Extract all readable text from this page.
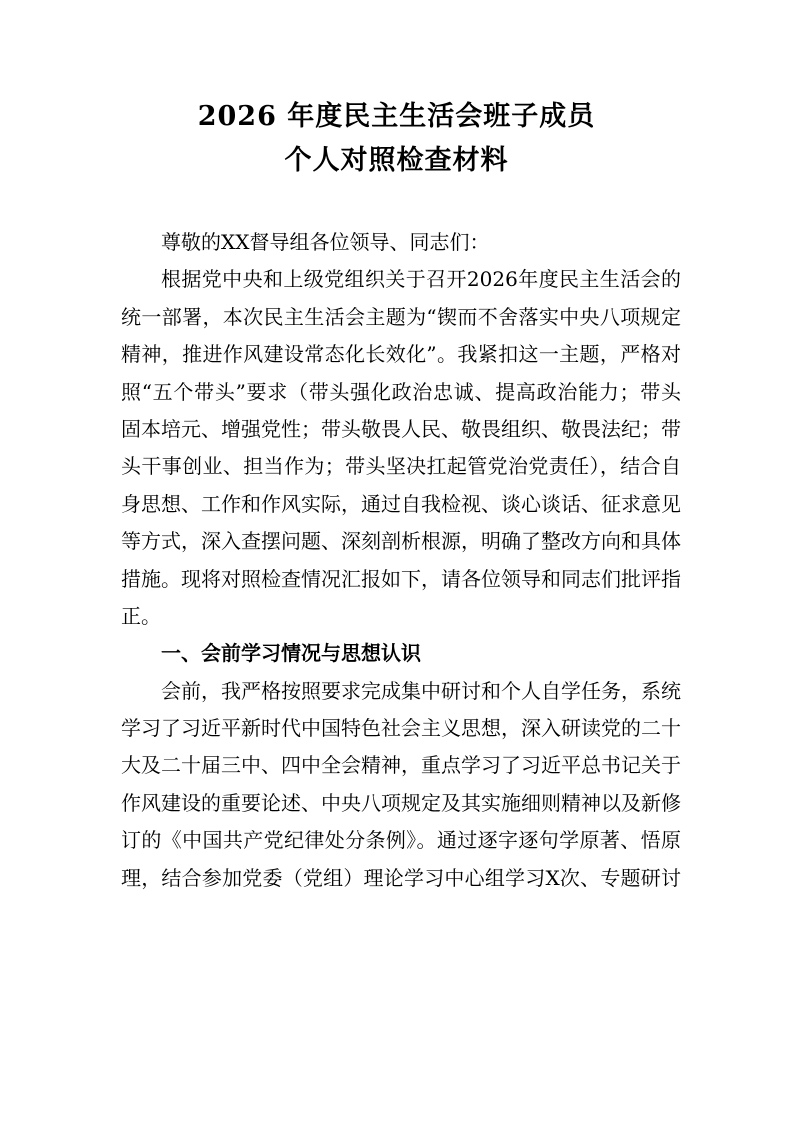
2026 年度民主生活会班子成员
个人对照检查材料
尊敬的XX督导组各位领导、同志们：
根据党中央和上级党组织关于召开2026年度民主生活会的
统一部署，本次民主生活会主题为“锲而不舍落实中央八项规定
精神，推进作风建设常态化长效化”。我紧扣这一主题，严格对
照“五个带头”要求（带头强化政治忠诚、提高政治能力；带头
固本培元、增强党性；带头敬畏人民、敬畏组织、敬畏法纪；带
头干事创业、担当作为；带头坚决扛起管党治党责任），结合自
身思想、工作和作风实际，通过自我检视、谈心谈话、征求意见
等方式，深入查摆问题、深刻剖析根源，明确了整改方向和具体
措施。现将对照检查情况汇报如下，请各位领导和同志们批评指
正。
一、会前学习情况与思想认识
会前，我严格按照要求完成集中研讨和个人自学任务，系统
学习了习近平新时代中国特色社会主义思想，深入研读党的二十
大及二十届三中、四中全会精神，重点学习了习近平总书记关于
作风建设的重要论述、中央八项规定及其实施细则精神以及新修
订的《中国共产党纪律处分条例》。通过逐字逐句学原著、悟原
理，结合参加党委（党组）理论学习中心组学习X次、专题研讨
